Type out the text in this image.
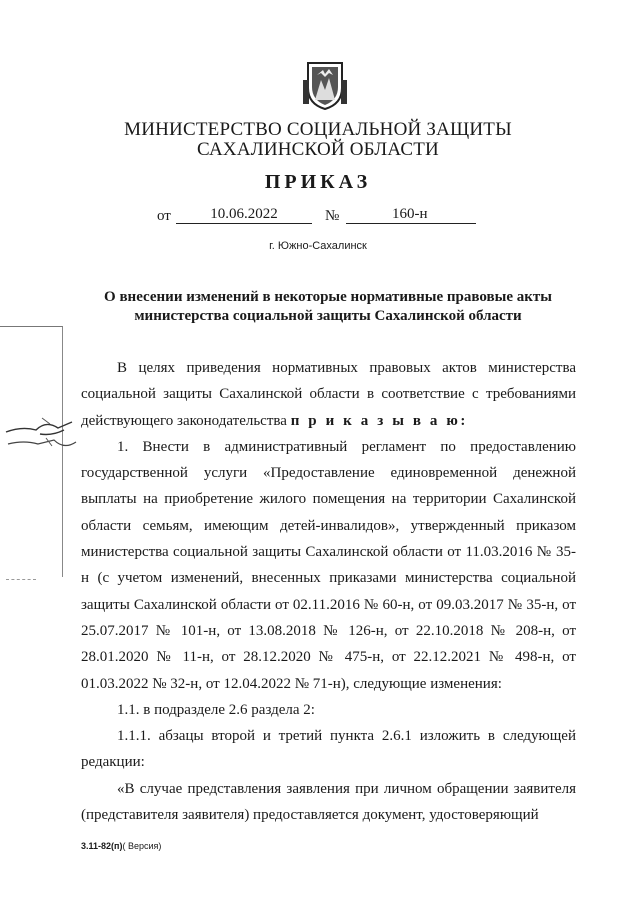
МИНИСТЕРСТВО СОЦИАЛЬНОЙ ЗАЩИТЫ
САХАЛИНСКОЙ ОБЛАСТИ
ПРИКАЗ
от	10.06.2022	№	160-н
г. Южно-Сахалинск
О внесении изменений в некоторые нормативные правовые акты
министерства социальной защиты Сахалинской области

В целях приведения нормативных правовых актов министерства социальной защиты Сахалинской области в соответствие с требованиями действующего законодательства п р и к а з ы в а ю:

1. Внести в административный регламент по предоставлению государственной услуги «Предоставление единовременной денежной выплаты на приобретение жилого помещения на территории Сахалинской области семьям, имеющим детей-инвалидов», утвержденный приказом министерства социальной защиты Сахалинской области от 11.03.2016 № 35-н (с учетом изменений, внесенных приказами министерства социальной защиты Сахалинской области от 02.11.2016 № 60-н, от 09.03.2017 № 35-н, от 25.07.2017 № 101-н, от 13.08.2018 № 126-н, от 22.10.2018 № 208-н, от 28.01.2020 № 11-н, от 28.12.2020 № 475-н, от 22.12.2021 № 498-н, от 01.03.2022 № 32-н, от 12.04.2022 № 71-н), следующие изменения:

1.1. в подразделе 2.6 раздела 2:

1.1.1. абзацы второй и третий пункта 2.6.1 изложить в следующей редакции:

«В случае представления заявления при личном обращении заявителя (представителя заявителя) предоставляется документ, удостоверяющий

3.11-82(п)( Версия)
